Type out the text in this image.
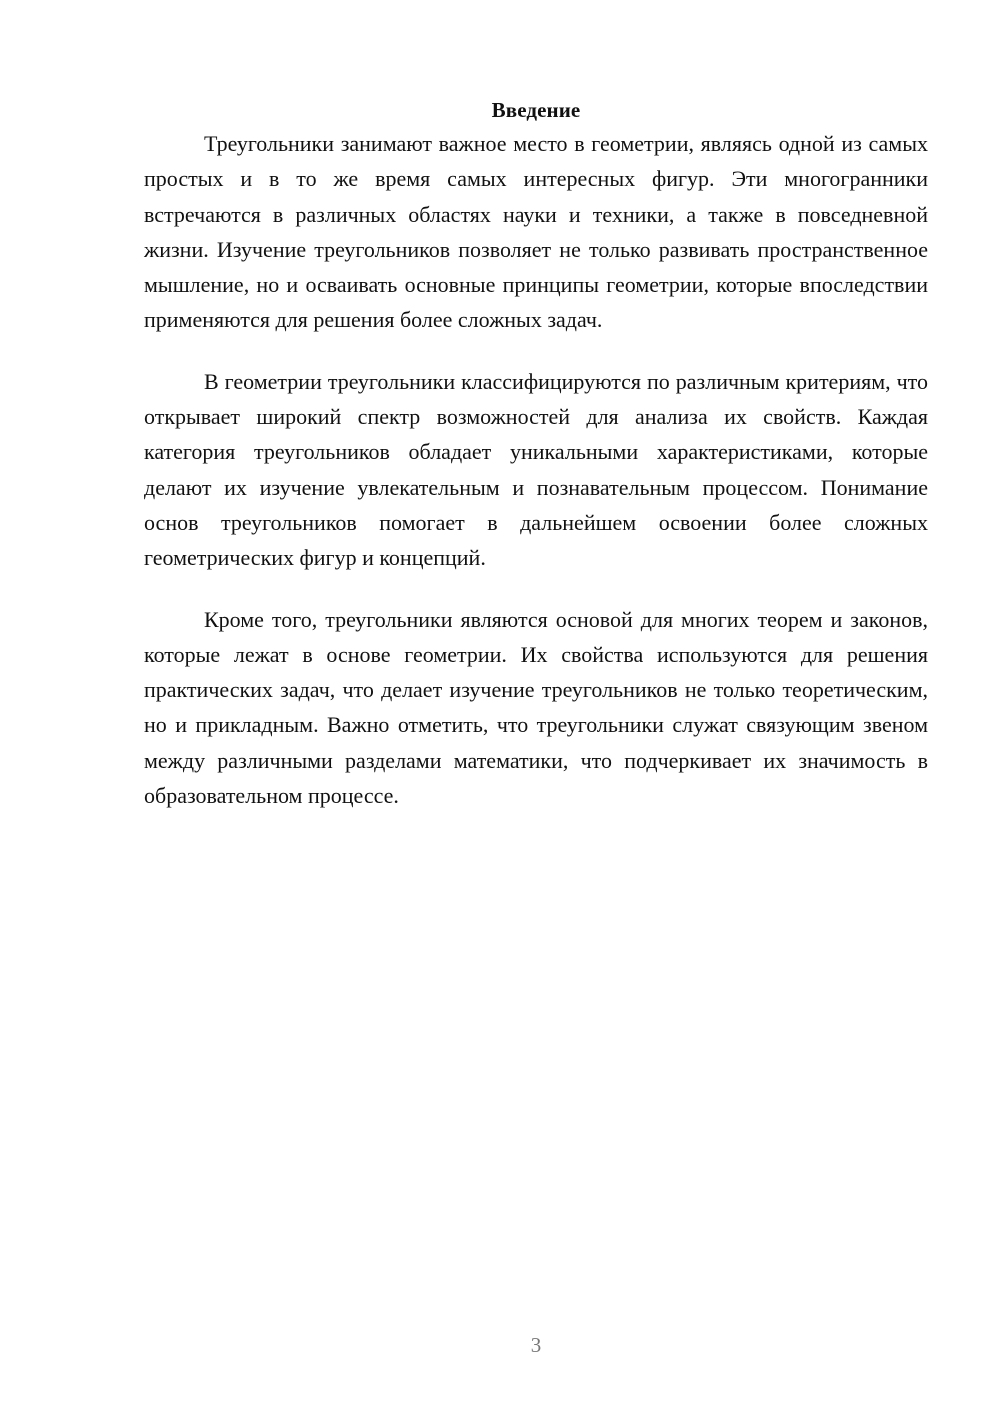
Введение

Треугольники занимают важное место в геометрии, являясь одной из самых простых и в то же время самых интересных фигур. Эти многогранники встречаются в различных областях науки и техники, а также в повседневной жизни. Изучение треугольников позволяет не только развивать пространственное мышление, но и осваивать основные принципы геометрии, которые впоследствии применяются для решения более сложных задач.

В геометрии треугольники классифицируются по различным критериям, что открывает широкий спектр возможностей для анализа их свойств. Каждая категория треугольников обладает уникальными характеристиками, которые делают их изучение увлекательным и познавательным процессом. Понимание основ треугольников помогает в дальнейшем освоении более сложных геометрических фигур и концепций.

Кроме того, треугольники являются основой для многих теорем и законов, которые лежат в основе геометрии. Их свойства используются для решения практических задач, что делает изучение треугольников не только теоретическим, но и прикладным. Важно отметить, что треугольники служат связующим звеном между различными разделами математики, что подчеркивает их значимость в образовательном процессе.

3
